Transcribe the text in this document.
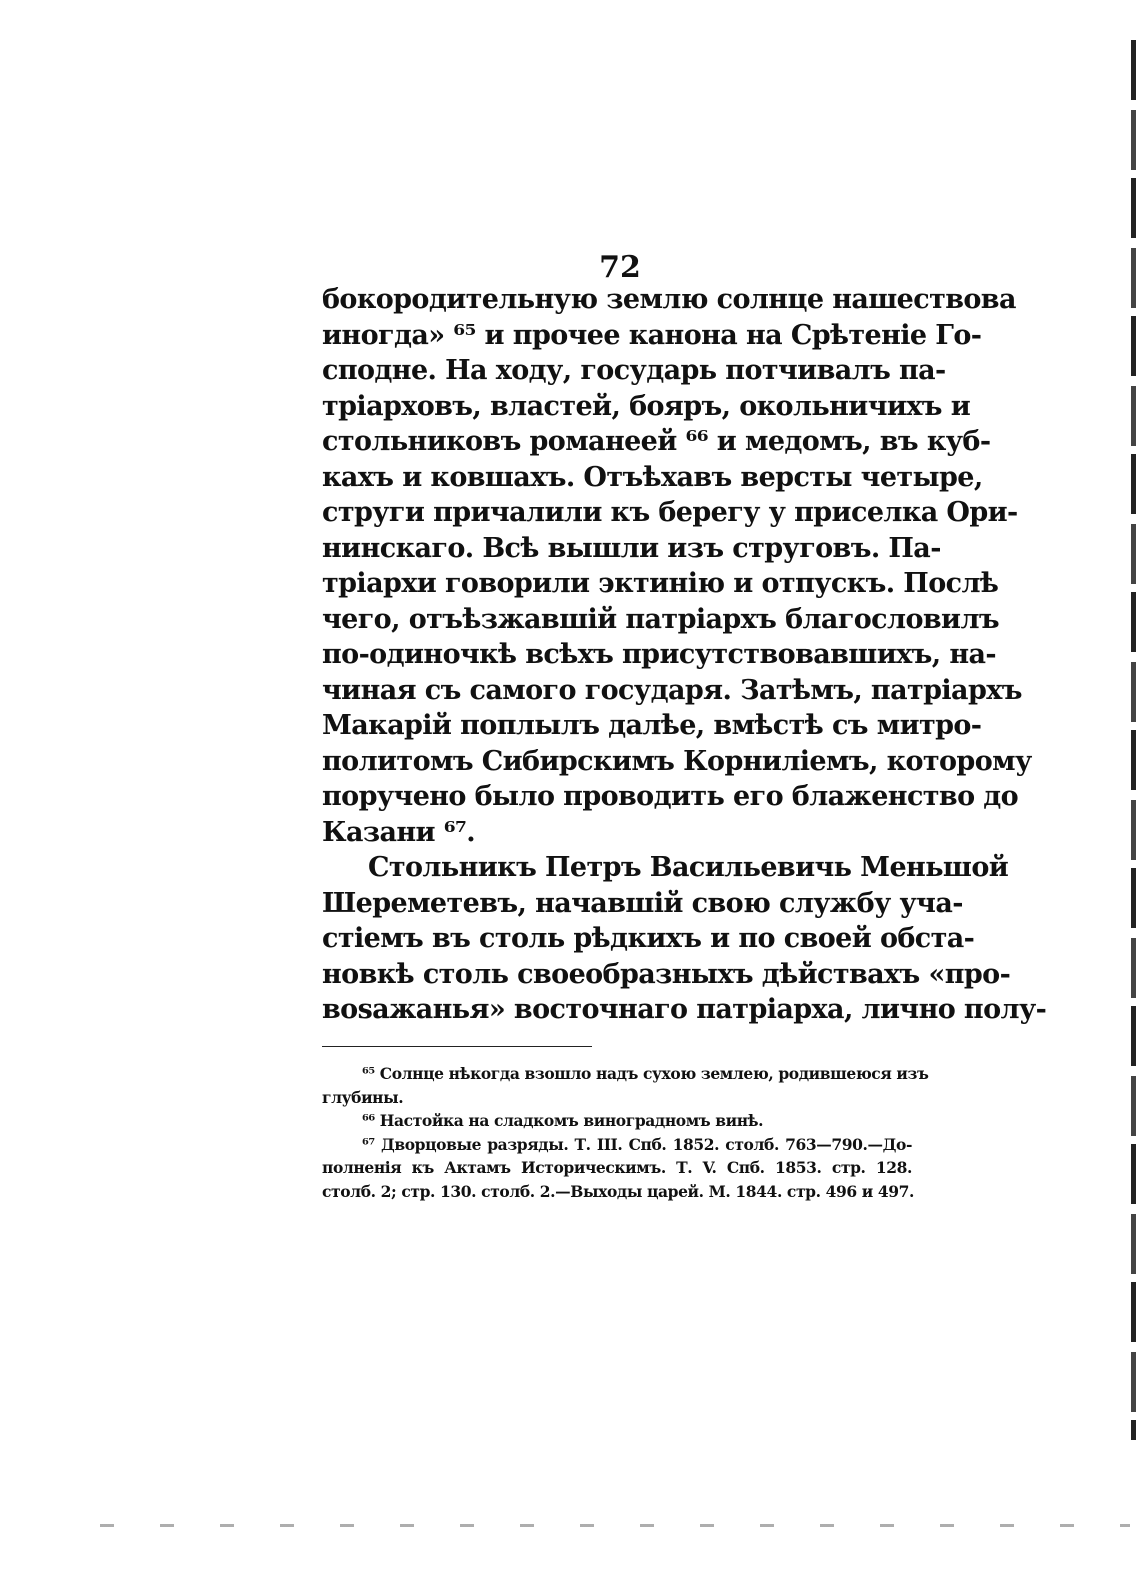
72
бокородительную землю солнце нашествова
иногда» ⁶⁵ и прочее канона на Срѣтеніе Го-
сподне. На ходу, государь потчивалъ па-
тріарховъ, властей, бояръ, окольничихъ и
стольниковъ романеей ⁶⁶ и медомъ, въ куб-
кахъ и ковшахъ. Отъѣхавъ версты четыре,
струги причалили къ берегу у приселка Ори-
нинскаго. Всѣ вышли изъ струговъ. Па-
тріархи говорили эктинію и отпускъ. Послѣ
чего, отъѣзжавшій патріархъ благословилъ
по-одиночкѣ всѣхъ присутствовавшихъ, на-
чиная съ самого государя. Затѣмъ, патріархъ
Макарій поплылъ далѣе, вмѣстѣ съ митро-
политомъ Сибирскимъ Корниліемъ, которому
поручено было проводить его блаженство до
Казани ⁶⁷.
Стольникъ Петръ Васильевичь Меньшой
Шереметевъ, начавшій свою службу уча-
стіемъ въ столь рѣдкихъ и по своей обста-
новкѣ столь своеобразныхъ дѣйствахъ «про-
воѕажанья» восточнаго патріарха, лично полу-
⁶⁵ Солнце нѣкогда взошло надъ сухою землею, родившеюся изъ
глубины.
⁶⁶ Настойка на сладкомъ виноградномъ винѣ.
⁶⁷ Дворцовые разряды. Т. III. Спб. 1852. столб. 763—790.—До-
полненія къ Актамъ Историческимъ. Т. V. Спб. 1853. стр. 128.
столб. 2; стр. 130. столб. 2.—Выходы царей. М. 1844. стр. 496 и 497.
